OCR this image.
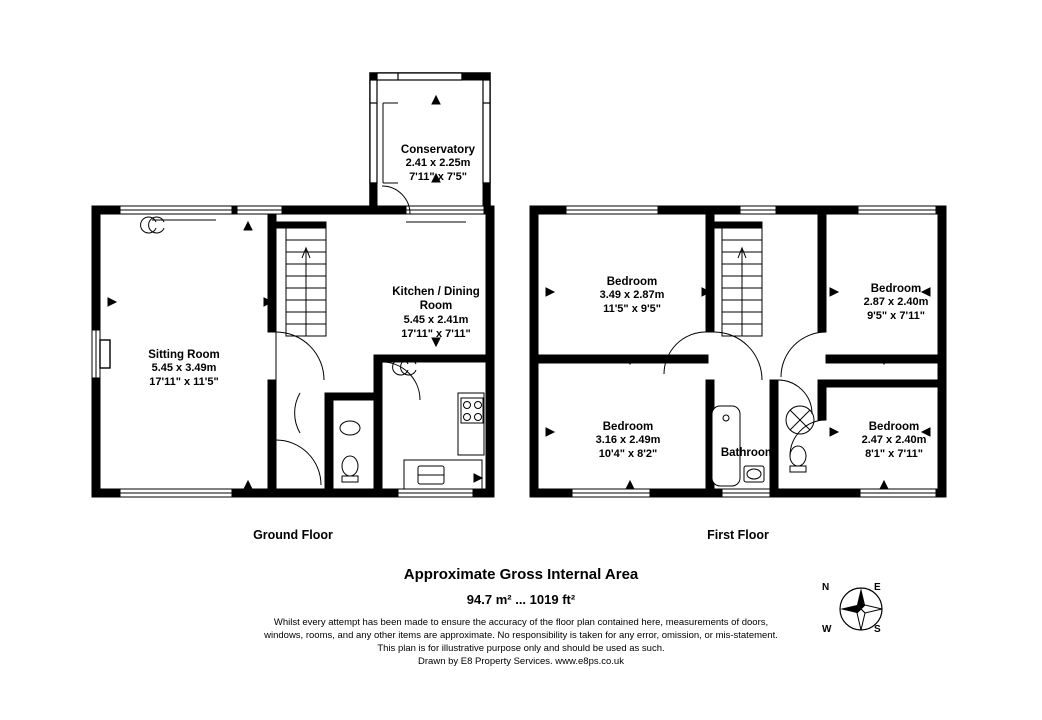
Conservatory
2.41 x 2.25m
7'11" x 7'5"
Kitchen / Dining
Room
5.45 x 2.41m
17'11" x 7'11"
Sitting Room
5.45 x 3.49m
17'11" x 11'5"
Bedroom
3.49 x 2.87m
11'5" x 9'5"
Bedroom
2.87 x 2.40m
9'5" x 7'11"
Bedroom
3.16 x 2.49m
10'4" x 8'2"
Bedroom
2.47 x 2.40m
8'1" x 7'11"
Bathroom
Ground Floor	First Floor
Approximate Gross Internal Area
94.7 m² ... 1019 ft²
Whilst every attempt has been made to ensure the accuracy of the floor plan contained here, measurements of doors,
windows, rooms, and any other items are approximate. No responsibility is taken for any error, omission, or mis-statement.
This plan is for illustrative purpose only and should be used as such.
Drawn by E8 Property Services. www.e8ps.co.uk
N	E
W	S
